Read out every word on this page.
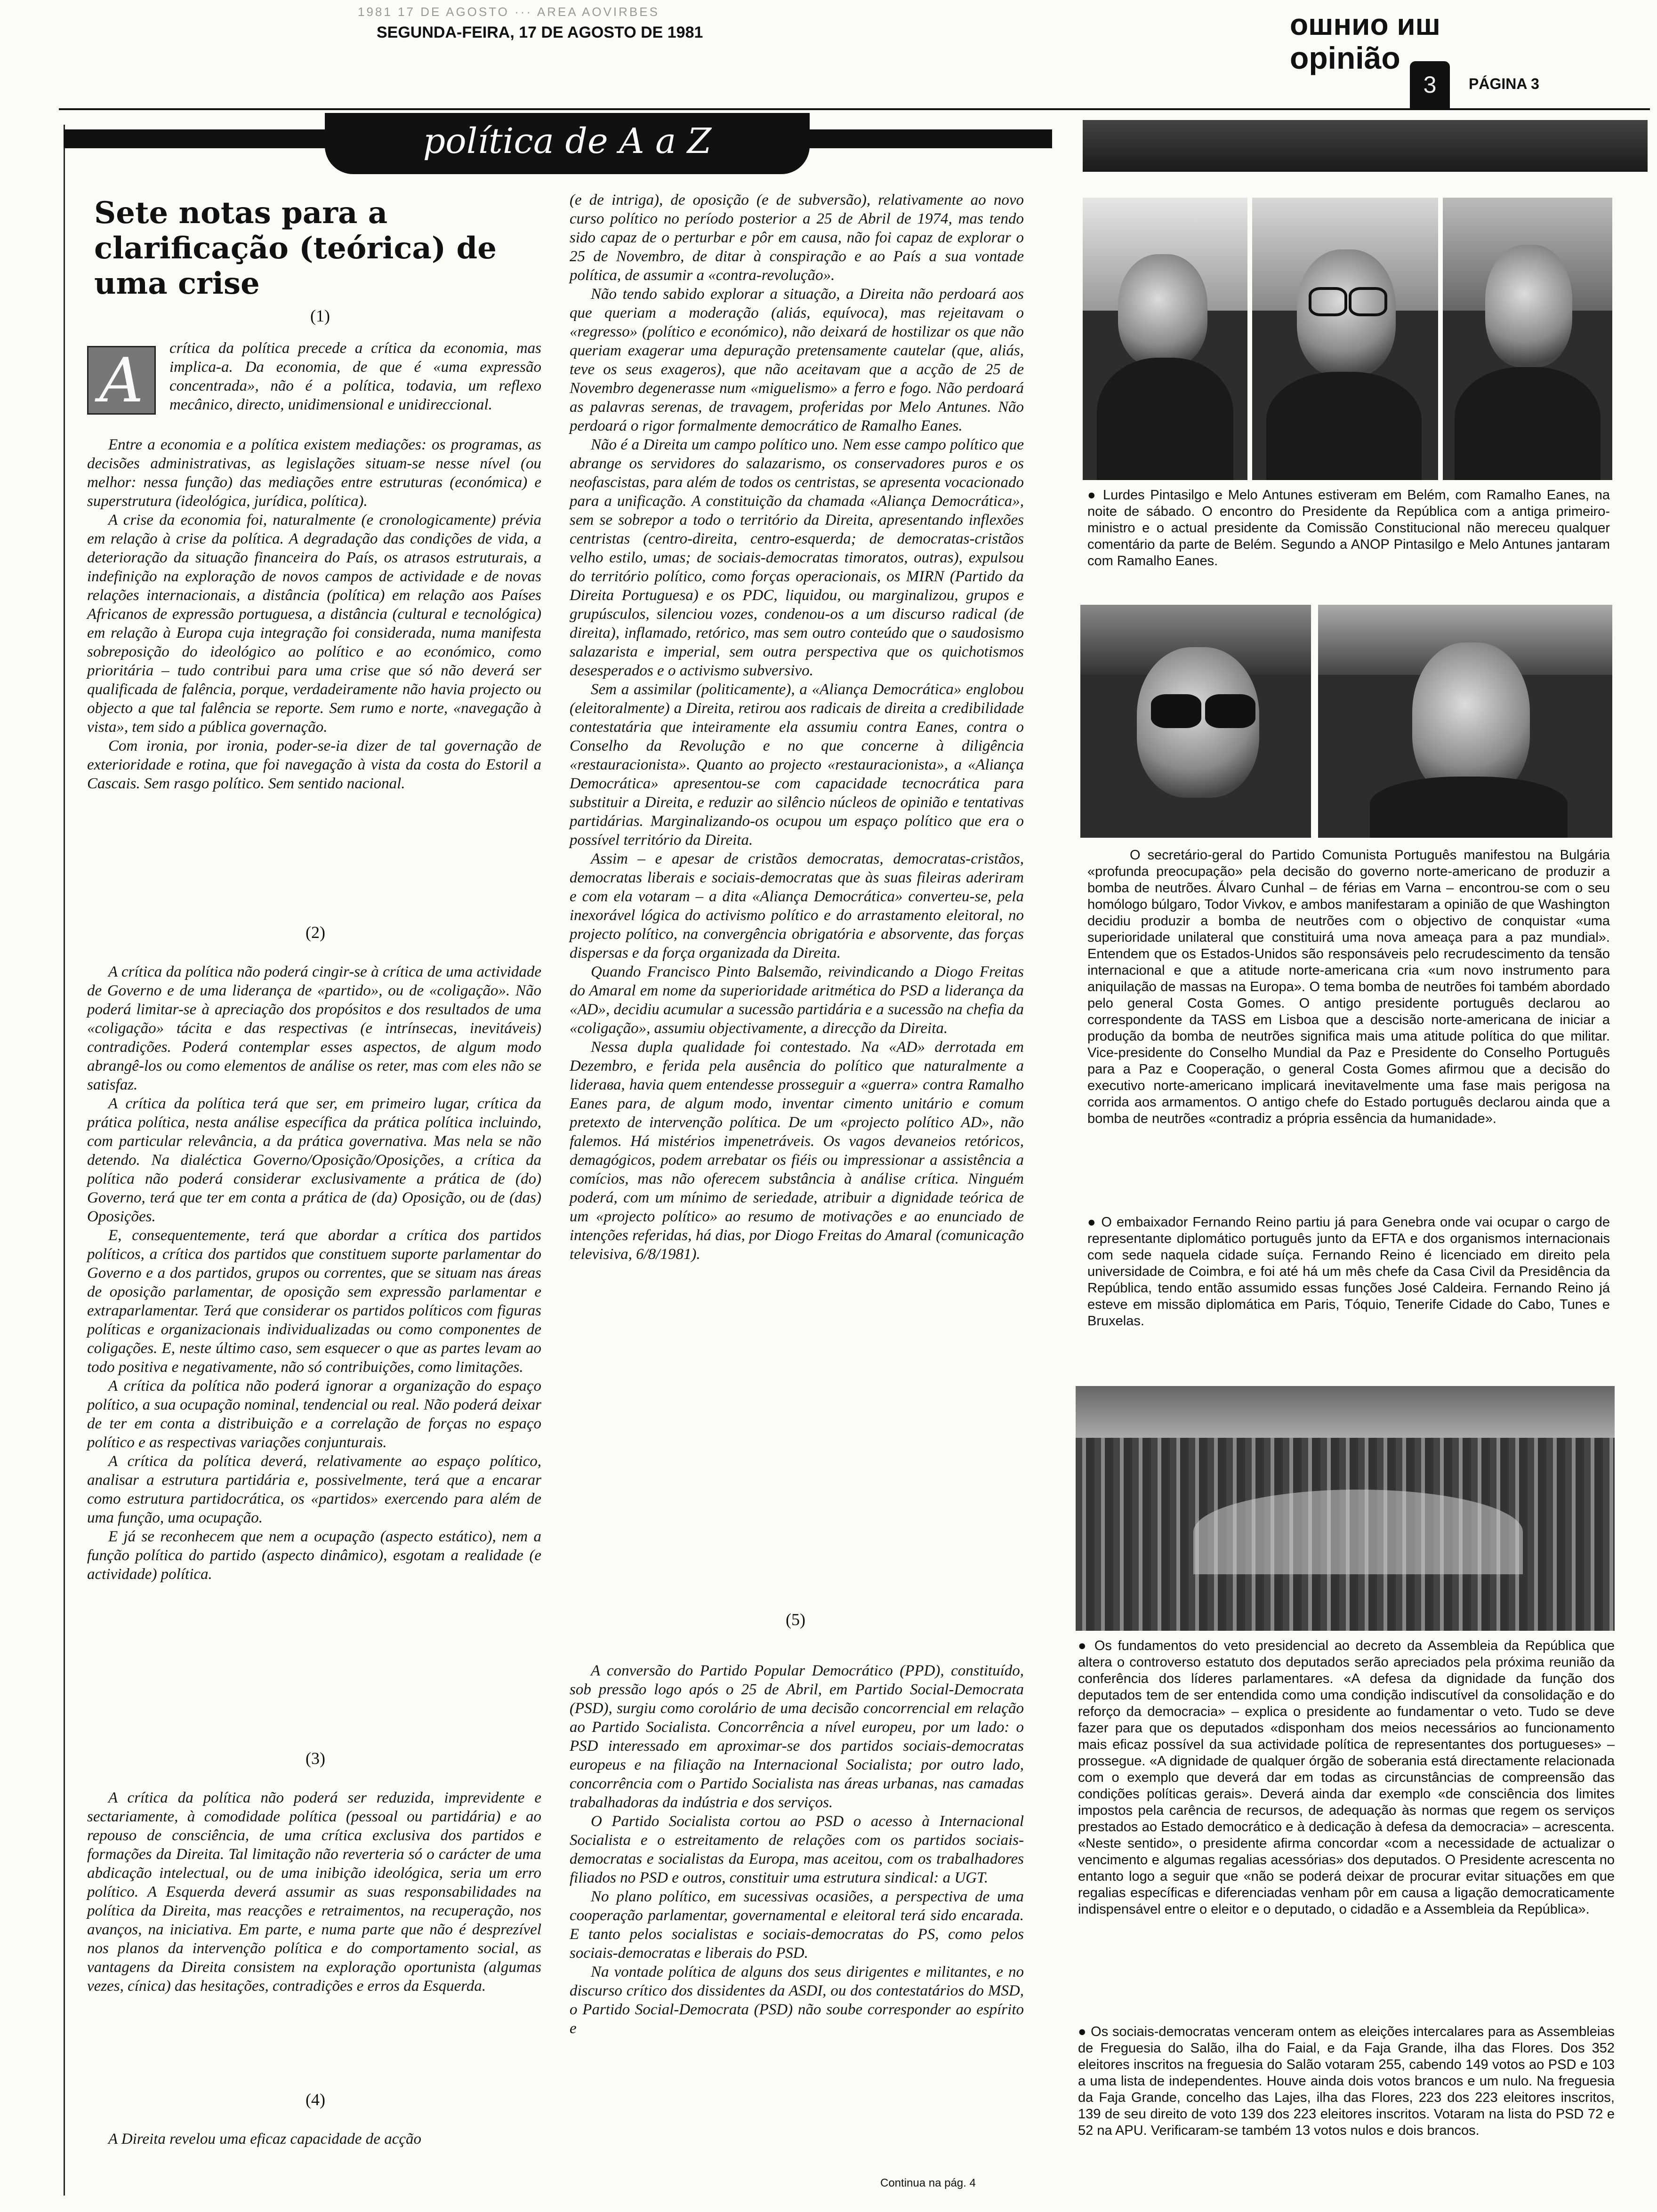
1981 17 DE AGOSTO ··· AREA AOVIRBES
SEGUNDA-FEIRA, 17 DE AGOSTO DE 1981	ошнио иш
opinião
3	PÁGINA 3
política de A a Z
Sete notas para a clarificação (teórica) de uma crise
(1)
A	crítica da política precede a crítica da economia, mas implica-a. Da economia, de que é «uma expressão concentrada», não é a política, todavia, um reflexo mecânico, directo, unidimensional e unidireccional.

Entre a economia e a política existem mediações: os programas, as decisões administrativas, as legislações situam-se nesse nível (ou melhor: nessa função) das mediações entre estruturas (económica) e superstrutura (ideológica, jurídica, política).

A crise da economia foi, naturalmente (e cronologicamente) prévia em relação à crise da política. A degradação das condições de vida, a deterioração da situação financeira do País, os atrasos estruturais, a indefinição na exploração de novos campos de actividade e de novas relações internacionais, a distância (política) em relação aos Países Africanos de expressão portuguesa, a distância (cultural e tecnológica) em relação à Europa cuja integração foi considerada, numa manifesta sobreposição do ideológico ao político e ao económico, como prioritária – tudo contribui para uma crise que só não deverá ser qualificada de falência, porque, verdadeiramente não havia projecto ou objecto a que tal falência se reporte. Sem rumo e norte, «navegação à vista», tem sido a pública governação.

Com ironia, por ironia, poder-se-ia dizer de tal governação de exterioridade e rotina, que foi navegação à vista da costa do Estoril a Cascais. Sem rasgo político. Sem sentido nacional.

(2)

A crítica da política não poderá cingir-se à crítica de uma actividade de Governo e de uma liderança de «partido», ou de «coligação». Não poderá limitar-se à apreciação dos propósitos e dos resultados de uma «coligação» tácita e das respectivas (e intrínsecas, inevitáveis) contradições. Poderá contemplar esses aspectos, de algum modo abrangê-los ou como elementos de análise os reter, mas com eles não se satisfaz.

A crítica da política terá que ser, em primeiro lugar, crítica da prática política, nesta análise específica da prática política incluindo, com particular relevância, a da prática governativa. Mas nela se não detendo. Na dialéctica Governo/Oposição/Oposições, a crítica da política não poderá considerar exclusivamente a prática de (do) Governo, terá que ter em conta a prática de (da) Oposição, ou de (das) Oposições.

E, consequentemente, terá que abordar a crítica dos partidos políticos, a crítica dos partidos que constituem suporte parlamentar do Governo e a dos partidos, grupos ou correntes, que se situam nas áreas de oposição parlamentar, de oposição sem expressão parlamentar e extraparlamentar. Terá que considerar os partidos políticos com figuras políticas e organizacionais individualizadas ou como componentes de coligações. E, neste último caso, sem esquecer o que as partes levam ao todo positiva e negativamente, não só contribuições, como limitações.

A crítica da política não poderá ignorar a organização do espaço político, a sua ocupação nominal, tendencial ou real. Não poderá deixar de ter em conta a distribuição e a correlação de forças no espaço político e as respectivas variações conjunturais.

A crítica da política deverá, relativamente ao espaço político, analisar a estrutura partidária e, possivelmente, terá que a encarar como estrutura partidocrática, os «partidos» exercendo para além de uma função, uma ocupação.

E já se reconhecem que nem a ocupação (aspecto estático), nem a função política do partido (aspecto dinâmico), esgotam a realidade (e actividade) política.

(3)

A crítica da política não poderá ser reduzida, imprevidente e sectariamente, à comodidade política (pessoal ou partidária) e ao repouso de consciência, de uma crítica exclusiva dos partidos e formações da Direita. Tal limitação não reverteria só o carácter de uma abdicação intelectual, ou de uma inibição ideológica, seria um erro político. A Esquerda deverá assumir as suas responsabilidades na política da Direita, mas reacções e retraimentos, na recuperação, nos avanços, na iniciativa. Em parte, e numa parte que não é desprezível nos planos da intervenção política e do comportamento social, as vantagens da Direita consistem na exploração oportunista (algumas vezes, cínica) das hesitações, contradições e erros da Esquerda.

(4)

A Direita revelou uma eficaz capacidade de acção

(e de intriga), de oposição (e de subversão), relativamente ao novo curso político no período posterior a 25 de Abril de 1974, mas tendo sido capaz de o perturbar e pôr em causa, não foi capaz de explorar o 25 de Novembro, de ditar à conspiração e ao País a sua vontade política, de assumir a «contra-revolução».

Não tendo sabido explorar a situação, a Direita não perdoará aos que queriam a moderação (aliás, equívoca), mas rejeitavam o «regresso» (político e económico), não deixará de hostilizar os que não queriam exagerar uma depuração pretensamente cautelar (que, aliás, teve os seus exageros), que não aceitavam que a acção de 25 de Novembro degenerasse num «miguelismo» a ferro e fogo. Não perdoará as palavras serenas, de travagem, proferidas por Melo Antunes. Não perdoará o rigor formalmente democrático de Ramalho Eanes.

Não é a Direita um campo político uno. Nem esse campo político que abrange os servidores do salazarismo, os conservadores puros e os neofascistas, para além de todos os centristas, se apresenta vocacionado para a unificação. A constituição da chamada «Aliança Democrática», sem se sobrepor a todo o território da Direita, apresentando inflexões centristas (centro-direita, centro-esquerda; de democratas-cristãos velho estilo, umas; de sociais-democratas timoratos, outras), expulsou do território político, como forças operacionais, os MIRN (Partido da Direita Portuguesa) e os PDC, liquidou, ou marginalizou, grupos e grupúsculos, silenciou vozes, condenou-os a um discurso radical (de direita), inflamado, retórico, mas sem outro conteúdo que o saudosismo salazarista e imperial, sem outra perspectiva que os quichotismos desesperados e o activismo subversivo.

Sem a assimilar (politicamente), a «Aliança Democrática» englobou (eleitoralmente) a Direita, retirou aos radicais de direita a credibilidade contestatária que inteiramente ela assumiu contra Eanes, contra o Conselho da Revolução e no que concerne à diligência «restauracionista». Quanto ao projecto «restauracionista», a «Aliança Democrática» apresentou-se com capacidade tecnocrática para substituir a Direita, e reduzir ao silêncio núcleos de opinião e tentativas partidárias. Marginalizando-os ocupou um espaço político que era o possível território da Direita.

Assim – e apesar de cristãos democratas, democratas-cristãos, democratas liberais e sociais-democratas que às suas fileiras aderiram e com ela votaram – a dita «Aliança Democrática» converteu-se, pela inexorável lógica do activismo político e do arrastamento eleitoral, no projecto político, na convergência obrigatória e absorvente, das forças dispersas e da força organizada da Direita.

Quando Francisco Pinto Balsemão, reivindicando a Diogo Freitas do Amaral em nome da superioridade aritmética do PSD a liderança da «AD», decidiu acumular a sucessão partidária e a sucessão na chefia da «coligação», assumiu objectivamente, a direcção da Direita.

Nessa dupla qualidade foi contestado. Na «AD» derrotada em Dezembro, e ferida pela ausência do político que naturalmente a lideraва, havia quem entendesse prosseguir a «guerra» contra Ramalho Eanes para, de algum modo, inventar cimento unitário e comum pretexto de intervenção política. De um «projecto político AD», não falemos. Há mistérios impenetráveis. Os vagos devaneios retóricos, demagógicos, podem arrebatar os fiéis ou impressionar a assistência a comícios, mas não oferecem substância à análise crítica. Ninguém poderá, com um mínimo de seriedade, atribuir a dignidade teórica de um «projecto político» ao resumo de motivações e ao enunciado de intenções referidas, há dias, por Diogo Freitas do Amaral (comunicação televisiva, 6/8/1981).

(5)

A conversão do Partido Popular Democrático (PPD), constituído, sob pressão logo após o 25 de Abril, em Partido Social-Democrata (PSD), surgiu como corolário de uma decisão concorrencial em relação ao Partido Socialista. Concorrência a nível europeu, por um lado: o PSD interessado em aproximar-se dos partidos sociais-democratas europeus e na filiação na Internacional Socialista; por outro lado, concorrência com o Partido Socialista nas áreas urbanas, nas camadas trabalhadoras da indústria e dos serviços.

O Partido Socialista cortou ao PSD o acesso à Internacional Socialista e o estreitamento de relações com os partidos sociais-democratas e socialistas da Europa, mas aceitou, com os trabalhadores filiados no PSD e outros, constituir uma estrutura sindical: a UGT.

No plano político, em sucessivas ocasiões, a perspectiva de uma cooperação parlamentar, governamental e eleitoral terá sido encarada. E tanto pelos socialistas e sociais-democratas do PS, como pelos sociais-democratas e liberais do PSD.

Na vontade política de alguns dos seus dirigentes e militantes, e no discurso crítico dos dissidentes da ASDI, ou dos contestatários do MSD, o Partido Social-Democrata (PSD) não soube corresponder ao espírito e

Continua na pág. 4

● Lurdes Pintasilgo e Melo Antunes estiveram em Belém, com Ramalho Eanes, na noite de sábado. O encontro do Presidente da República com a antiga primeiro-ministro e o actual presidente da Comissão Constitucional não mereceu qualquer comentário da parte de Belém. Segundo a ANOP Pintasilgo e Melo Antunes jantaram com Ramalho Eanes.

O secretário-geral do Partido Comunista Português manifestou na Bulgária «profunda preocupação» pela decisão do governo norte-americano de produzir a bomba de neutrões. Álvaro Cunhal – de férias em Varna – encontrou-se com o seu homólogo búlgaro, Todor Vivkov, e ambos manifestaram a opinião de que Washington decidiu produzir a bomba de neutrões com o objectivo de conquistar «uma superioridade unilateral que constituirá uma nova ameaça para a paz mundial». Entendem que os Estados-Unidos são responsáveis pelo recrudescimento da tensão internacional e que a atitude norte-americana cria «um novo instrumento para aniquilação de massas na Europa». O tema bomba de neutrões foi também abordado pelo general Costa Gomes. O antigo presidente português declarou ao correspondente da TASS em Lisboa que a descisão norte-americana de iniciar a produção da bomba de neutrões significa mais uma atitude política do que militar. Vice-presidente do Conselho Mundial da Paz e Presidente do Conselho Português para a Paz e Cooperação, o general Costa Gomes afirmou que a decisão do executivo norte-americano implicará inevitavelmente uma fase mais perigosa na corrida aos armamentos. O antigo chefe do Estado português declarou ainda que a bomba de neutrões «contradiz a própria essência da humanidade».

● O embaixador Fernando Reino partiu já para Genebra onde vai ocupar o cargo de representante diplomático português junto da EFTA e dos organismos internacionais com sede naquela cidade suíça. Fernando Reino é licenciado em direito pela universidade de Coimbra, e foi até há um mês chefe da Casa Civil da Presidência da República, tendo então assumido essas funções José Caldeira. Fernando Reino já esteve em missão diplomática em Paris, Tóquio, Tenerife Cidade do Cabo, Tunes e Bruxelas.

● Os fundamentos do veto presidencial ao decreto da Assembleia da República que altera o controverso estatuto dos deputados serão apreciados pela próxima reunião da conferência dos líderes parlamentares. «A defesa da dignidade da função dos deputados tem de ser entendida como uma condição indiscutível da consolidação e do reforço da democracia» – explica o presidente ao fundamentar o veto. Tudo se deve fazer para que os deputados «disponham dos meios necessários ao funcionamento mais eficaz possível da sua actividade política de representantes dos portugueses» – prossegue. «A dignidade de qualquer órgão de soberania está directamente relacionada com o exemplo que deverá dar em todas as circunstâncias de compreensão das condições políticas gerais». Deverá ainda dar exemplo «de consciência dos limites impostos pela carência de recursos, de adequação às normas que regem os serviços prestados ao Estado democrático e à dedicação à defesa da democracia» – acrescenta. «Neste sentido», o presidente afirma concordar «com a necessidade de actualizar o vencimento e algumas regalias acessórias» dos deputados. O Presidente acrescenta no entanto logo a seguir que «não se poderá deixar de procurar evitar situações em que regalias específicas e diferenciadas venham pôr em causa a ligação democraticamente indispensável entre o eleitor e o deputado, o cidadão e a Assembleia da República».

● Os sociais-democratas venceram ontem as eleições intercalares para as Assembleias de Freguesia do Salão, ilha do Faial, e da Faja Grande, ilha das Flores. Dos 352 eleitores inscritos na freguesia do Salão votaram 255, cabendo 149 votos ao PSD e 103 a uma lista de independentes. Houve ainda dois votos brancos e um nulo. Na freguesia da Faja Grande, concelho das Lajes, ilha das Flores, 223 dos 223 eleitores inscritos, 139 de seu direito de voto 139 dos 223 eleitores inscritos. Votaram na lista do PSD 72 e 52 na APU. Verificaram-se também 13 votos nulos e dois brancos.
